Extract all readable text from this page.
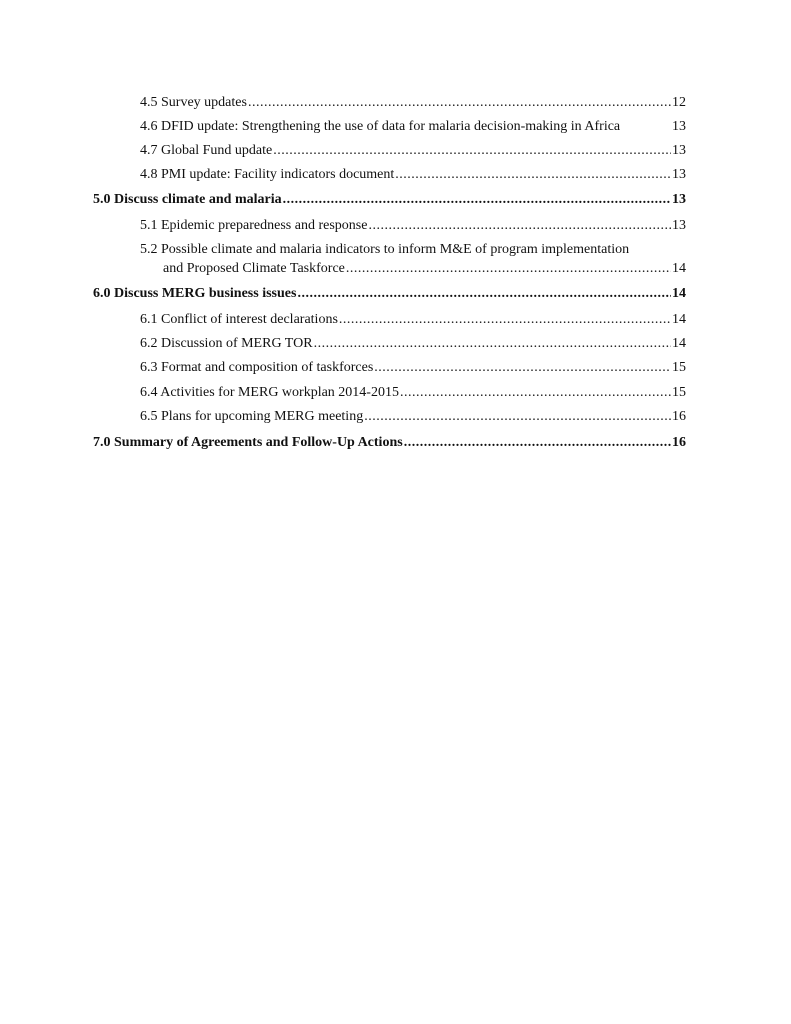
4.5 Survey updates .....	12
4.6 DFID update: Strengthening the use of data for malaria decision-making in Africa	13
4.7 Global Fund update .....	13
4.8 PMI update: Facility indicators document .....	13
5.0 Discuss climate and malaria .....	13
5.1 Epidemic preparedness and response .....	13
5.2 Possible climate and malaria indicators to inform M&E of program implementation
and Proposed Climate Taskforce .....	14
6.0 Discuss MERG business issues .....	14
6.1 Conflict of interest declarations .....	14
6.2 Discussion of MERG TOR .....	14
6.3 Format and composition of taskforces .....	15
6.4 Activities for MERG workplan 2014-2015 .....	15
6.5 Plans for upcoming MERG meeting .....	16
7.0 Summary of Agreements and Follow-Up Actions .....	16
